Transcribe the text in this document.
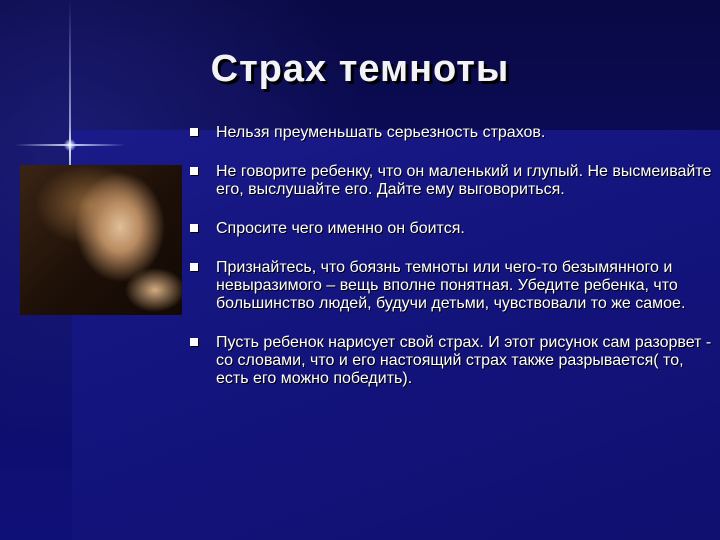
Страх темноты
Нельзя преуменьшать серьезность страхов.
Не говорите ребенку, что он маленький и глупый. Не высмеивайте его, выслушайте его. Дайте ему выговориться.
Спросите чего именно он боится.
Признайтесь, что боязнь темноты или чего-то безымянного и невыразимого – вещь вполне понятная. Убедите ребенка, что большинство людей, будучи детьми, чувствовали то же самое.
Пусть ребенок нарисует свой страх. И этот рисунок сам разорвет - со словами, что и его настоящий страх также разрывается( то, есть его можно победить).
